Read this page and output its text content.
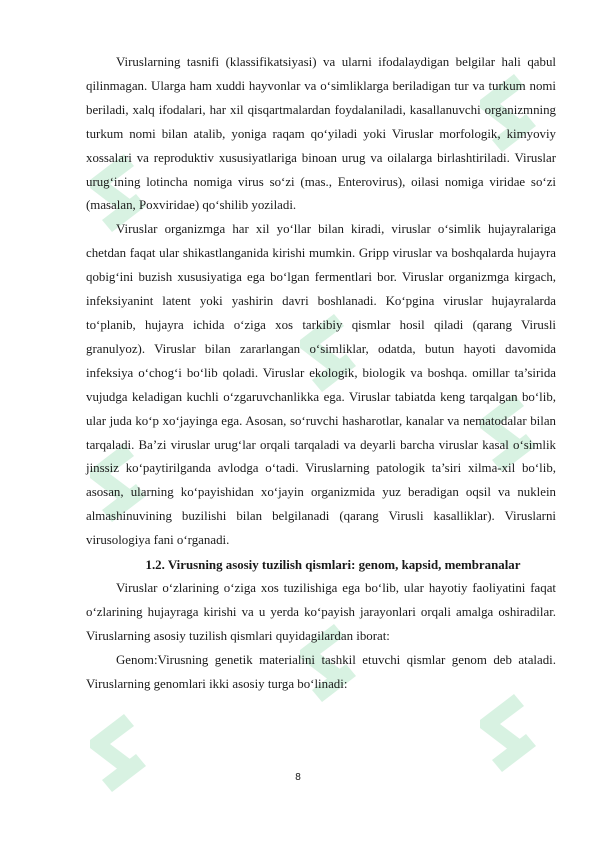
Viruslarning tasnifi (klassifikatsiyasi) va ularni ifodalaydigan belgilar hali qabul qilinmagan. Ularga ham xuddi hayvonlar va o‘simliklarga beriladigan tur va turkum nomi beriladi, xalq ifodalari, har xil qisqartmalardan foydalaniladi, kasallanuvchi organizmning turkum nomi bilan atalib, yoniga raqam qo‘yiladi yoki Viruslar morfologik, kimyoviy xossalari va reproduktiv xususiyatlariga binoan urug va oilalarga birlashtiriladi. Viruslar urug‘ining lotincha nomiga virus so‘zi (mas., Enterovirus), oilasi nomiga viridae so‘zi (masalan, Poxviridae) qo‘shilib yoziladi.

Viruslar organizmga har xil yo‘llar bilan kiradi, viruslar o‘simlik hujayralariga chetdan faqat ular shikastlanganida kirishi mumkin. Gripp viruslar va boshqalarda hujayra qobig‘ini buzish xususiyatiga ega bo‘lgan fermentlari bor. Viruslar organizmga kirgach, infeksiyanint latent yoki yashirin davri boshlanadi. Ko‘pgina viruslar hujayralarda to‘planib, hujayra ichida o‘ziga xos tarkibiy qismlar hosil qiladi (qarang Virusli granulyoz). Viruslar bilan zararlangan o‘simliklar, odatda, butun hayoti davomida infeksiya o‘chog‘i bo‘lib qoladi. Viruslar ekologik, biologik va boshqa. omillar ta’sirida vujudga keladigan kuchli o‘zgaruvchanlikka ega. Viruslar tabiatda keng tarqalgan bo‘lib, ular juda ko‘p xo‘jayinga ega. Asosan, so‘ruvchi hasharotlar, kanalar va nematodalar bilan tarqaladi. Ba’zi viruslar urug‘lar orqali tarqaladi va deyarli barcha viruslar kasal o‘simlik jinssiz ko‘paytirilganda avlodga o‘tadi. Viruslarning patologik ta’siri xilma-xil bo‘lib, asosan, ularning ko‘payishidan xo‘jayin organizmida yuz beradigan oqsil va nuklein almashinuvining buzilishi bilan belgilanadi (qarang Virusli kasalliklar). Viruslarni virusologiya fani o‘rganadi.

1.2. Virusning asosiy tuzilish qismlari: genom, kapsid, membranalar

Viruslar o‘zlarining o‘ziga xos tuzilishiga ega bo‘lib, ular hayotiy faoliyatini faqat o‘zlarining hujayraga kirishi va u yerda ko‘payish jarayonlari orqali amalga oshiradilar. Viruslarning asosiy tuzilish qismlari quyidagilardan iborat:

Genom:Virusning genetik materialini tashkil etuvchi qismlar genom deb ataladi. Viruslarning genomlari ikki asosiy turga bo‘linadi:

8
